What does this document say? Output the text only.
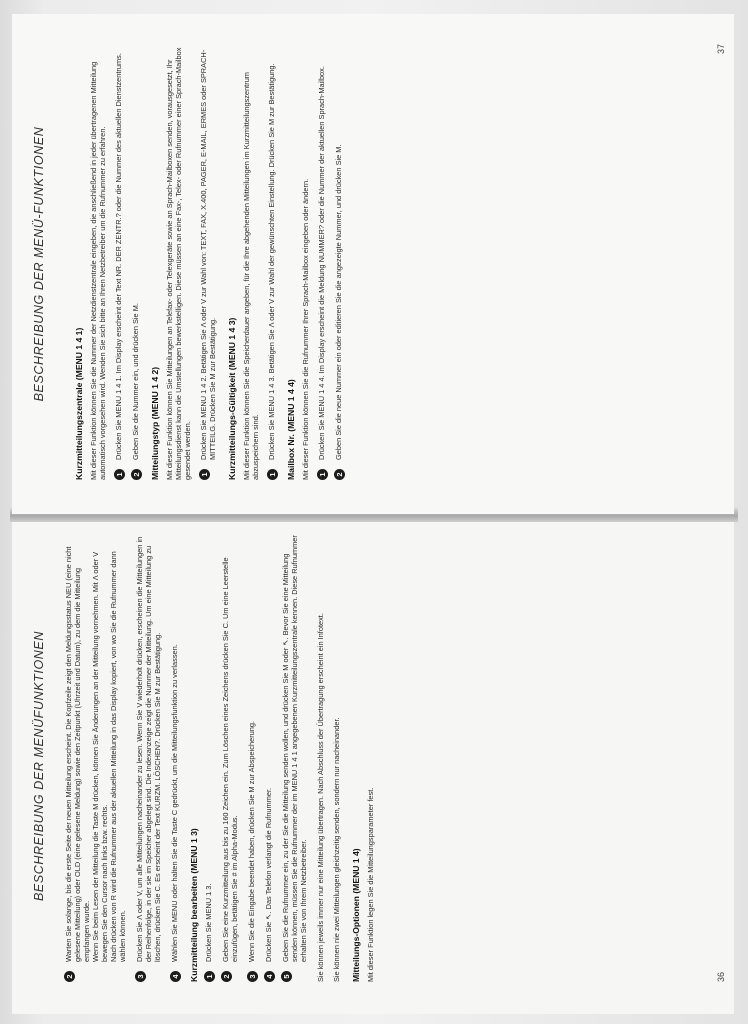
BESCHREIBUNG DER MENÜFUNKTIONEN
2
Warten Sie solange, bis die erste Seite der neuen Mitteilung erscheint. Die Kopfzeile zeigt den Meldungsstatus NEU (eine nicht gelesene Mitteilung) oder OLD (eine gelesene Meldung) sowie den Zeitpunkt (Uhrzeit und Datum), zu dem die Mitteilung empfangen wurde. Wenn Sie beim Lesen der Mitteilung die Taste M drücken, können Sie Änderungen an der Mitteilung vornehmen. Mit Λ oder V bewegen Sie den Cursor nach links bzw. rechts. Nach drücken von R wird die Rufnummer aus der aktuellen Mitteilung in das Display kopiert, von wo Sie die Rufnummer dann wählen können.
3
Drücken Sie Λ oder V, um alle Mitteilungen nacheinander zu lesen. Wenn Sie V wiederholt drücken, erscheinen die Mitteilungen in der Reihenfolge, in der sie im Speicher abgelegt sind. Die Indexanzeige zeigt die Nummer der Mitteilung. Um eine Mitteilung zu löschen, drücken Sie C. Es erscheint der Text KURZM. LÖSCHEN?. Drücken Sie M zur Bestätigung.
4
Wählen Sie MENU oder halten Sie die Taste C gedrückt, um die Mitteilungsfunktion zu verlassen. Kurzmitteilung bearbeiten (MENU 1 3) 1
Drücken Sie MENU 1 3.
2
Geben Sie eine Kurzmitteilung aus bis zu 160 Zeichen ein. Zum Löschen eines Zeichens drücken Sie C. Um eine Leerstelle einzufügen, betätigen Sie # im Alpha-Modus.
3
Wenn Sie die Eingabe beendet haben, drücken Sie M zur Abspeicherung.
4
Drücken Sie ↖. Das Telefon verlangt die Rufnummer.
5
Geben Sie die Rufnummer ein, zu der Sie die Mitteilung senden wollen, und drücken Sie M oder ↖. Bevor Sie eine Mitteilung senden können, müssen Sie die Rufnummer der im MENU 1 4 1 angegebenen Kurzmitteilungszentrale kennen. Diese Rufnummer erhalten Sie von Ihrem Netzbetreiber. Sie können jeweils immer nur eine Mitteilung übertragen. Nach Abschluss der Übertragung erscheint ein Infotext. Sie können nie zwei Mitteilungen gleichzeitig senden, sondern nur nacheinander. Mitteilungs-Optionen (MENU 1 4) Mit dieser Funktion legen Sie die Mitteilungsparameter fest.	36
BESCHREIBUNG DER MENÜ-FUNKTIONEN
Kurzmitteilungszentrale (MENU 1 4 1) Mit dieser Funktion können Sie die Nummer der Netzdienstzentrale eingeben, die anschließend in jeder übertragenen Mitteilung automatisch vorgesehen wird. Wenden Sie sich bitte an Ihren Netzbetreiber um die Rufnummer zu erfahren. 1
Drücken Sie MENU 1 4 1. Im Display erscheint der Text NR. DER ZENTR.? oder die Nummer des aktuellen Dienstzentrums.
2
Geben Sie die Nummer ein, und drücken Sie M. Mitteilungstyp (MENU 1 4 2) Mit dieser Funktion können Sie Mitteilungen an Telefax- oder Telexgeräte sowie an Sprach-Mailboxen senden, vorausgesetzt, Ihr Mitteilungsdienst kann die Umstellungen bewerkstelligen. Diese müssen an eine Fax-, Telex- oder Rufnummer einer Sprach-Mailbox gesendet werden. 1
Drücken Sie MENU 1 4 2. Betätigen Sie Λ oder V zur Wahl von: TEXT, FAX, X.400, PAGER, E-MAIL, ERMES oder SPRACH-MITTEILG. Drücken Sie M zur Bestätigung. Kurzmitteilungs-Gültigkeit (MENU 1 4 3) Mit dieser Funktion können Sie die Speicherdauer angeben, für die Ihre abgehenden Mitteilungen im Kurzmitteilungszentrum abzuspeichern sind. 1
Drücken Sie MENU 1 4 3. Betätigen Sie Λ oder V zur Wahl der gewünschten Einstellung. Drücken Sie M zur Bestätigung. Mailbox Nr. (MENU 1 4 4) Mit dieser Funktion können Sie die Rufnummer Ihrer Sprach-Mailbox eingeben oder ändern. 1
Drücken Sie MENU 1 4 4. Im Display erscheint die Meldung NUMMER? oder die Nummer der aktuellen Sprach-Mailbox.
2
Geben Sie die neue Nummer ein oder editieren Sie die angezeigte Nummer, und drücken Sie M.
37
